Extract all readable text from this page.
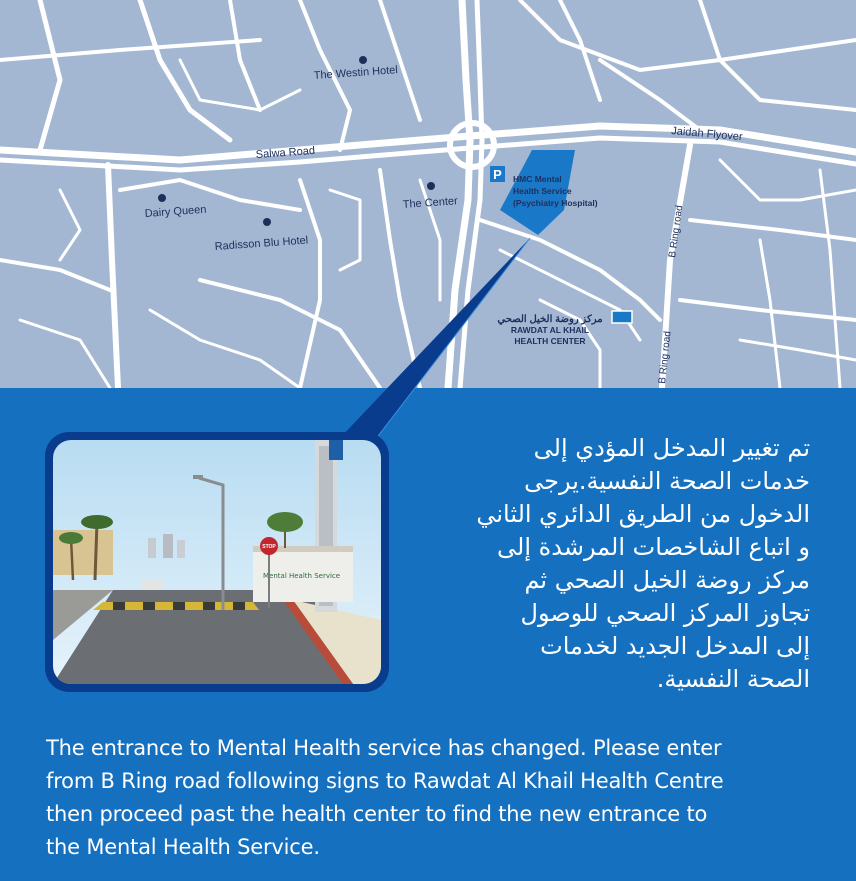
P
The Westin Hotel
Dairy Queen
The Center
Radisson Blu Hotel
Salwa Road
Jaidah Flyover
B Ring road
B Ring road
HMC Mental
Health Service
(Psychiatry Hospital)
مركز روضة الخيل الصحي
RAWDAT AL KHAIL
HEALTH CENTER
Mental Health Service
STOP
تم تغيير المدخل المؤدي إلى
خدمات الصحة النفسية.يرجى
الدخول من الطريق الدائري الثاني
و اتباع الشاخصات المرشدة إلى
مركز روضة الخيل الصحي ثم
تجاوز المركز الصحي للوصول
إلى المدخل الجديد لخدمات
الصحة النفسية.
The entrance to Mental Health service has changed. Please enter
from B Ring road following signs to Rawdat Al Khail Health Centre
then proceed past the health center to find the new entrance to
the Mental Health Service.
